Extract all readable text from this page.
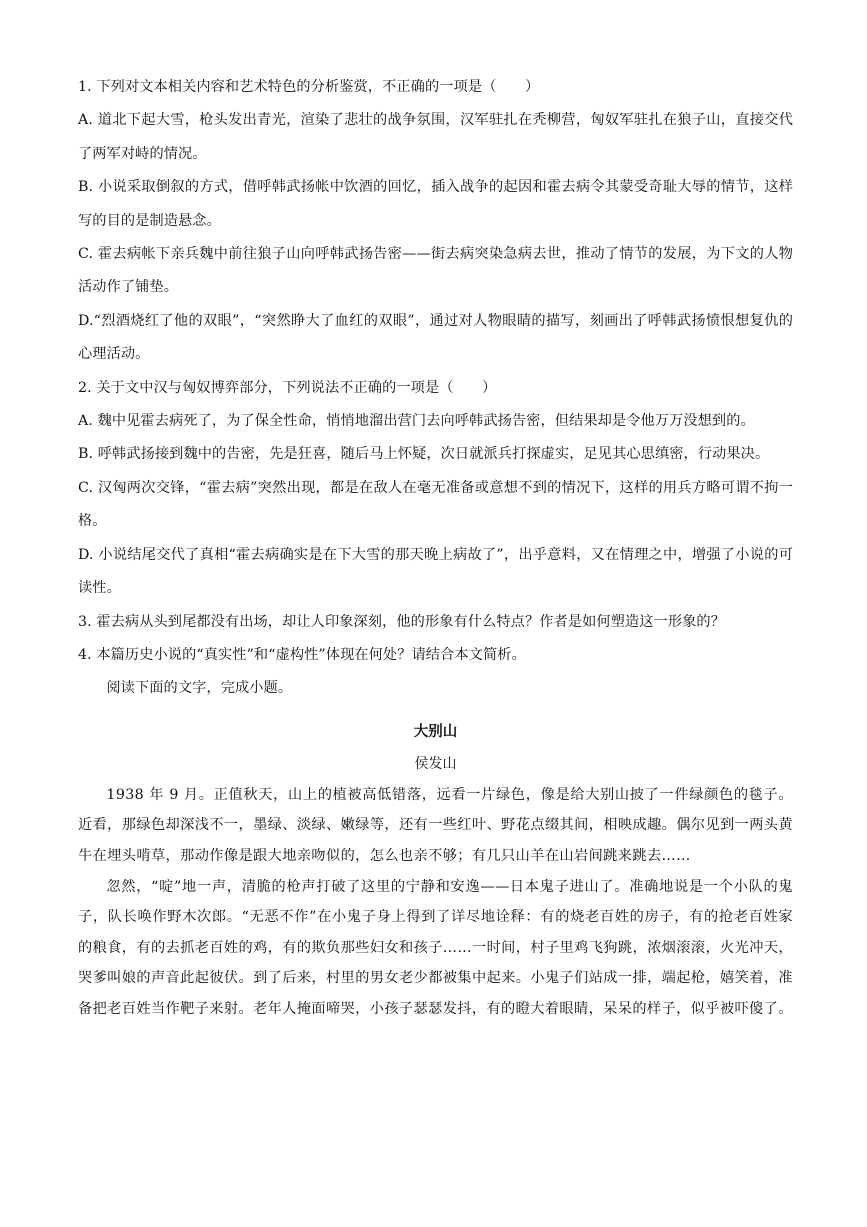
1. 下列对文本相关内容和艺术特色的分析鉴赏，不正确的一项是（　　）

A. 道北下起大雪，枪头发出青光，渲染了悲壮的战争氛围，汉军驻扎在秃柳营，匈奴军驻扎在狼子山，直接交代了两军对峙的情况。

B. 小说采取倒叙的方式，借呼韩武扬帐中饮酒的回忆，插入战争的起因和霍去病令其蒙受奇耻大辱的情节，这样写的目的是制造悬念。

C. 霍去病帐下亲兵魏中前往狼子山向呼韩武扬告密——街去病突染急病去世，推动了情节的发展，为下文的人物活动作了铺垫。

D.“烈酒烧红了他的双眼”，“突然睁大了血红的双眼”，通过对人物眼睛的描写，刻画出了呼韩武扬愤恨想复仇的心理活动。

2. 关于文中汉与匈奴博弈部分，下列说法不正确的一项是（　　）

A. 魏中见霍去病死了，为了保全性命，悄悄地溜出营门去向呼韩武扬告密，但结果却是令他万万没想到的。

B. 呼韩武扬接到魏中的告密，先是狂喜，随后马上怀疑，次日就派兵打探虚实，足见其心思缜密，行动果决。

C. 汉匈两次交锋，“霍去病”突然出现，都是在敌人在毫无准备或意想不到的情况下，这样的用兵方略可谓不拘一格。

D. 小说结尾交代了真相“霍去病确实是在下大雪的那天晚上病故了”，出乎意料，又在情理之中，增强了小说的可读性。

3. 霍去病从头到尾都没有出场，却让人印象深刻，他的形象有什么特点？作者是如何塑造这一形象的？

4. 本篇历史小说的“真实性”和“虚构性”体现在何处？请结合本文简析。

阅读下面的文字，完成小题。

大别山
侯发山

1938 年 9 月。正值秋天，山上的植被高低错落，远看一片绿色，像是给大别山披了一件绿颜色的毯子。近看，那绿色却深浅不一，墨绿、淡绿、嫩绿等，还有一些红叶、野花点缀其间，相映成趣。偶尔见到一两头黄牛在埋头啃草，那动作像是跟大地亲吻似的，怎么也亲不够；有几只山羊在山岩间跳来跳去……

忽然，“啶”地一声，清脆的枪声打破了这里的宁静和安逸——日本鬼子进山了。准确地说是一个小队的鬼子，队长唤作野木次郎。“无恶不作”在小鬼子身上得到了详尽地诠释：有的烧老百姓的房子，有的抢老百姓家的粮食，有的去抓老百姓的鸡，有的欺负那些妇女和孩子……一时间，村子里鸡飞狗跳，浓烟滚滚，火光冲天，哭爹叫娘的声音此起彼伏。到了后来，村里的男女老少都被集中起来。小鬼子们站成一排，端起枪，嬉笑着，准备把老百姓当作靶子来射。老年人掩面啼哭，小孩子瑟瑟发抖，有的瞪大着眼睛，呆呆的样子，似乎被吓傻了。
